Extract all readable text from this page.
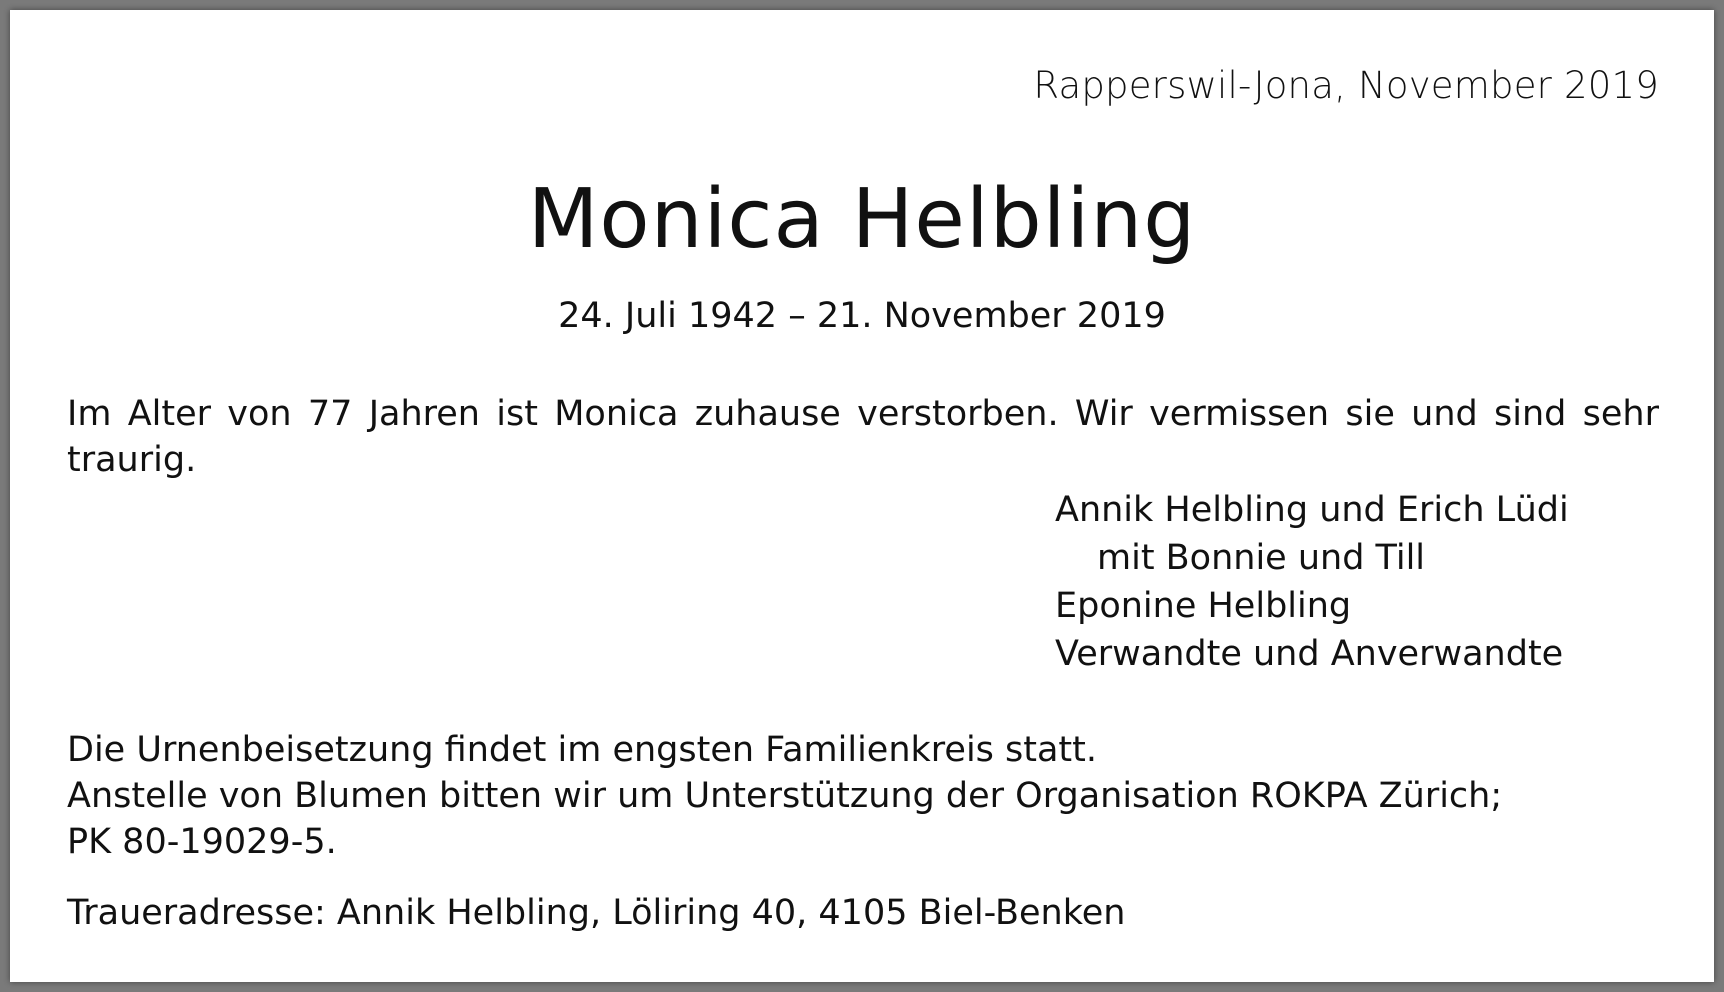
Rapperswil-Jona, November 2019
Monica Helbling
24. Juli 1942 – 21. November 2019
Im Alter von 77 Jahren ist Monica zuhause verstorben. Wir vermissen sie und sind sehr traurig.
Annik Helbling und Erich Lüdi
mit Bonnie und Till
Eponine Helbling
Verwandte und Anverwandte
Die Urnenbeisetzung findet im engsten Familienkreis statt.
Anstelle von Blumen bitten wir um Unterstützung der Organisation ROKPA Zürich;
PK 80-19029-5.
Traueradresse: Annik Helbling, Löliring 40, 4105 Biel-Benken
